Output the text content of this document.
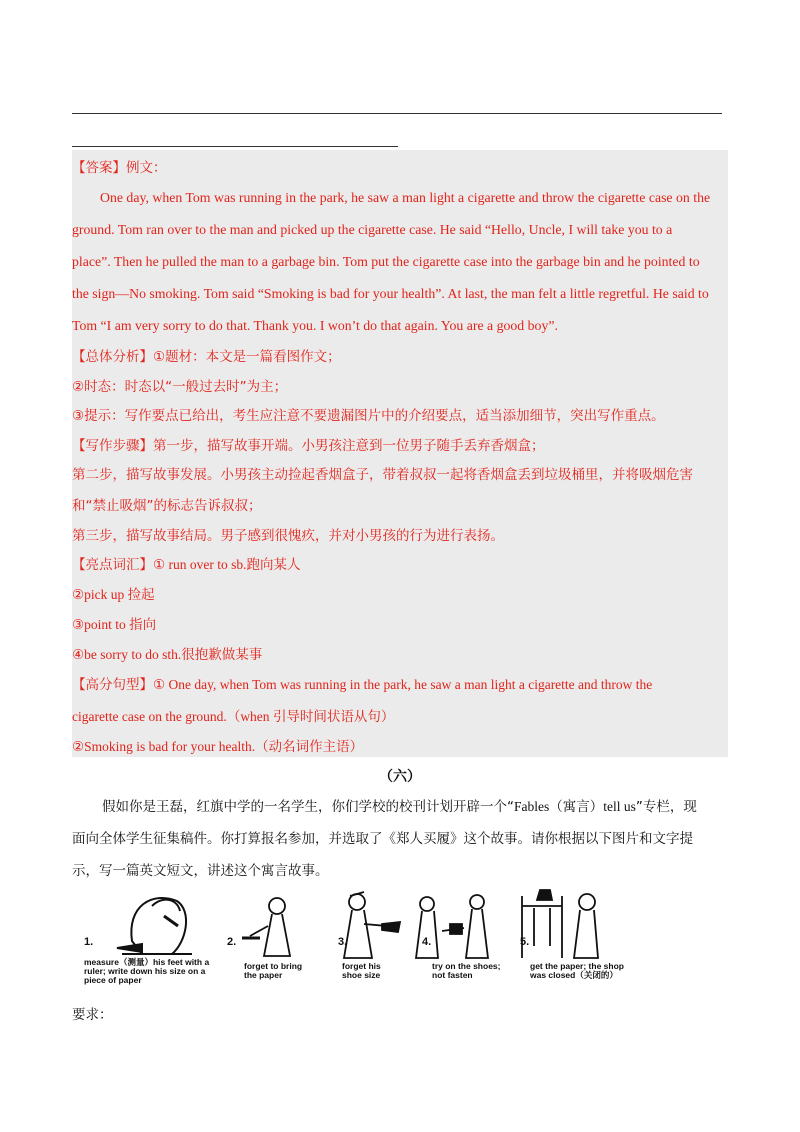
【答案】例文：
One day, when Tom was running in the park, he saw a man light a cigarette and throw the cigarette case on the
ground. Tom ran over to the man and picked up the cigarette case. He said “Hello, Uncle, I will take you to a
place”. Then he pulled the man to a garbage bin. Tom put the cigarette case into the garbage bin and he pointed to
the sign—No smoking. Tom said “Smoking is bad for your health”. At last, the man felt a little regretful. He said to
Tom “I am very sorry to do that. Thank you. I won’t do that again. You are a good boy”.
【总体分析】①题材：本文是一篇看图作文；
②时态：时态以“一般过去时”为主；
③提示：写作要点已给出，考生应注意不要遗漏图片中的介绍要点，适当添加细节，突出写作重点。
【写作步骤】第一步，描写故事开端。小男孩注意到一位男子随手丢弃香烟盒；
第二步，描写故事发展。小男孩主动捡起香烟盒子，带着叔叔一起将香烟盒丢到垃圾桶里，并将吸烟危害
和“禁止吸烟”的标志告诉叔叔；
第三步，描写故事结局。男子感到很愧疚，并对小男孩的行为进行表扬。
【亮点词汇】① run over to sb.跑向某人
②pick up 捡起
③point to 指向
④be sorry to do sth.很抱歉做某事
【高分句型】① One day, when Tom was running in the park, he saw a man light a cigarette and throw the
cigarette case on the ground.（when 引导时间状语从句）
②Smoking is bad for your health.（动名词作主语）
（六）
假如你是王磊，红旗中学的一名学生，你们学校的校刊计划开辟一个“Fables（寓言）tell us”专栏，现
面向全体学生征集稿件。你打算报名参加，并选取了《郑人买履》这个故事。请你根据以下图片和文字提
示，写一篇英文短文，讲述这个寓言故事。
1.
measure（测量）his feet with a
ruler; write down his size on a
piece of paper
2.
forget to bring
the paper
3.
forget his
shoe size
4.
try on the shoes;
not fasten
5.
get the paper; the shop
was closed（关闭的）
要求：
